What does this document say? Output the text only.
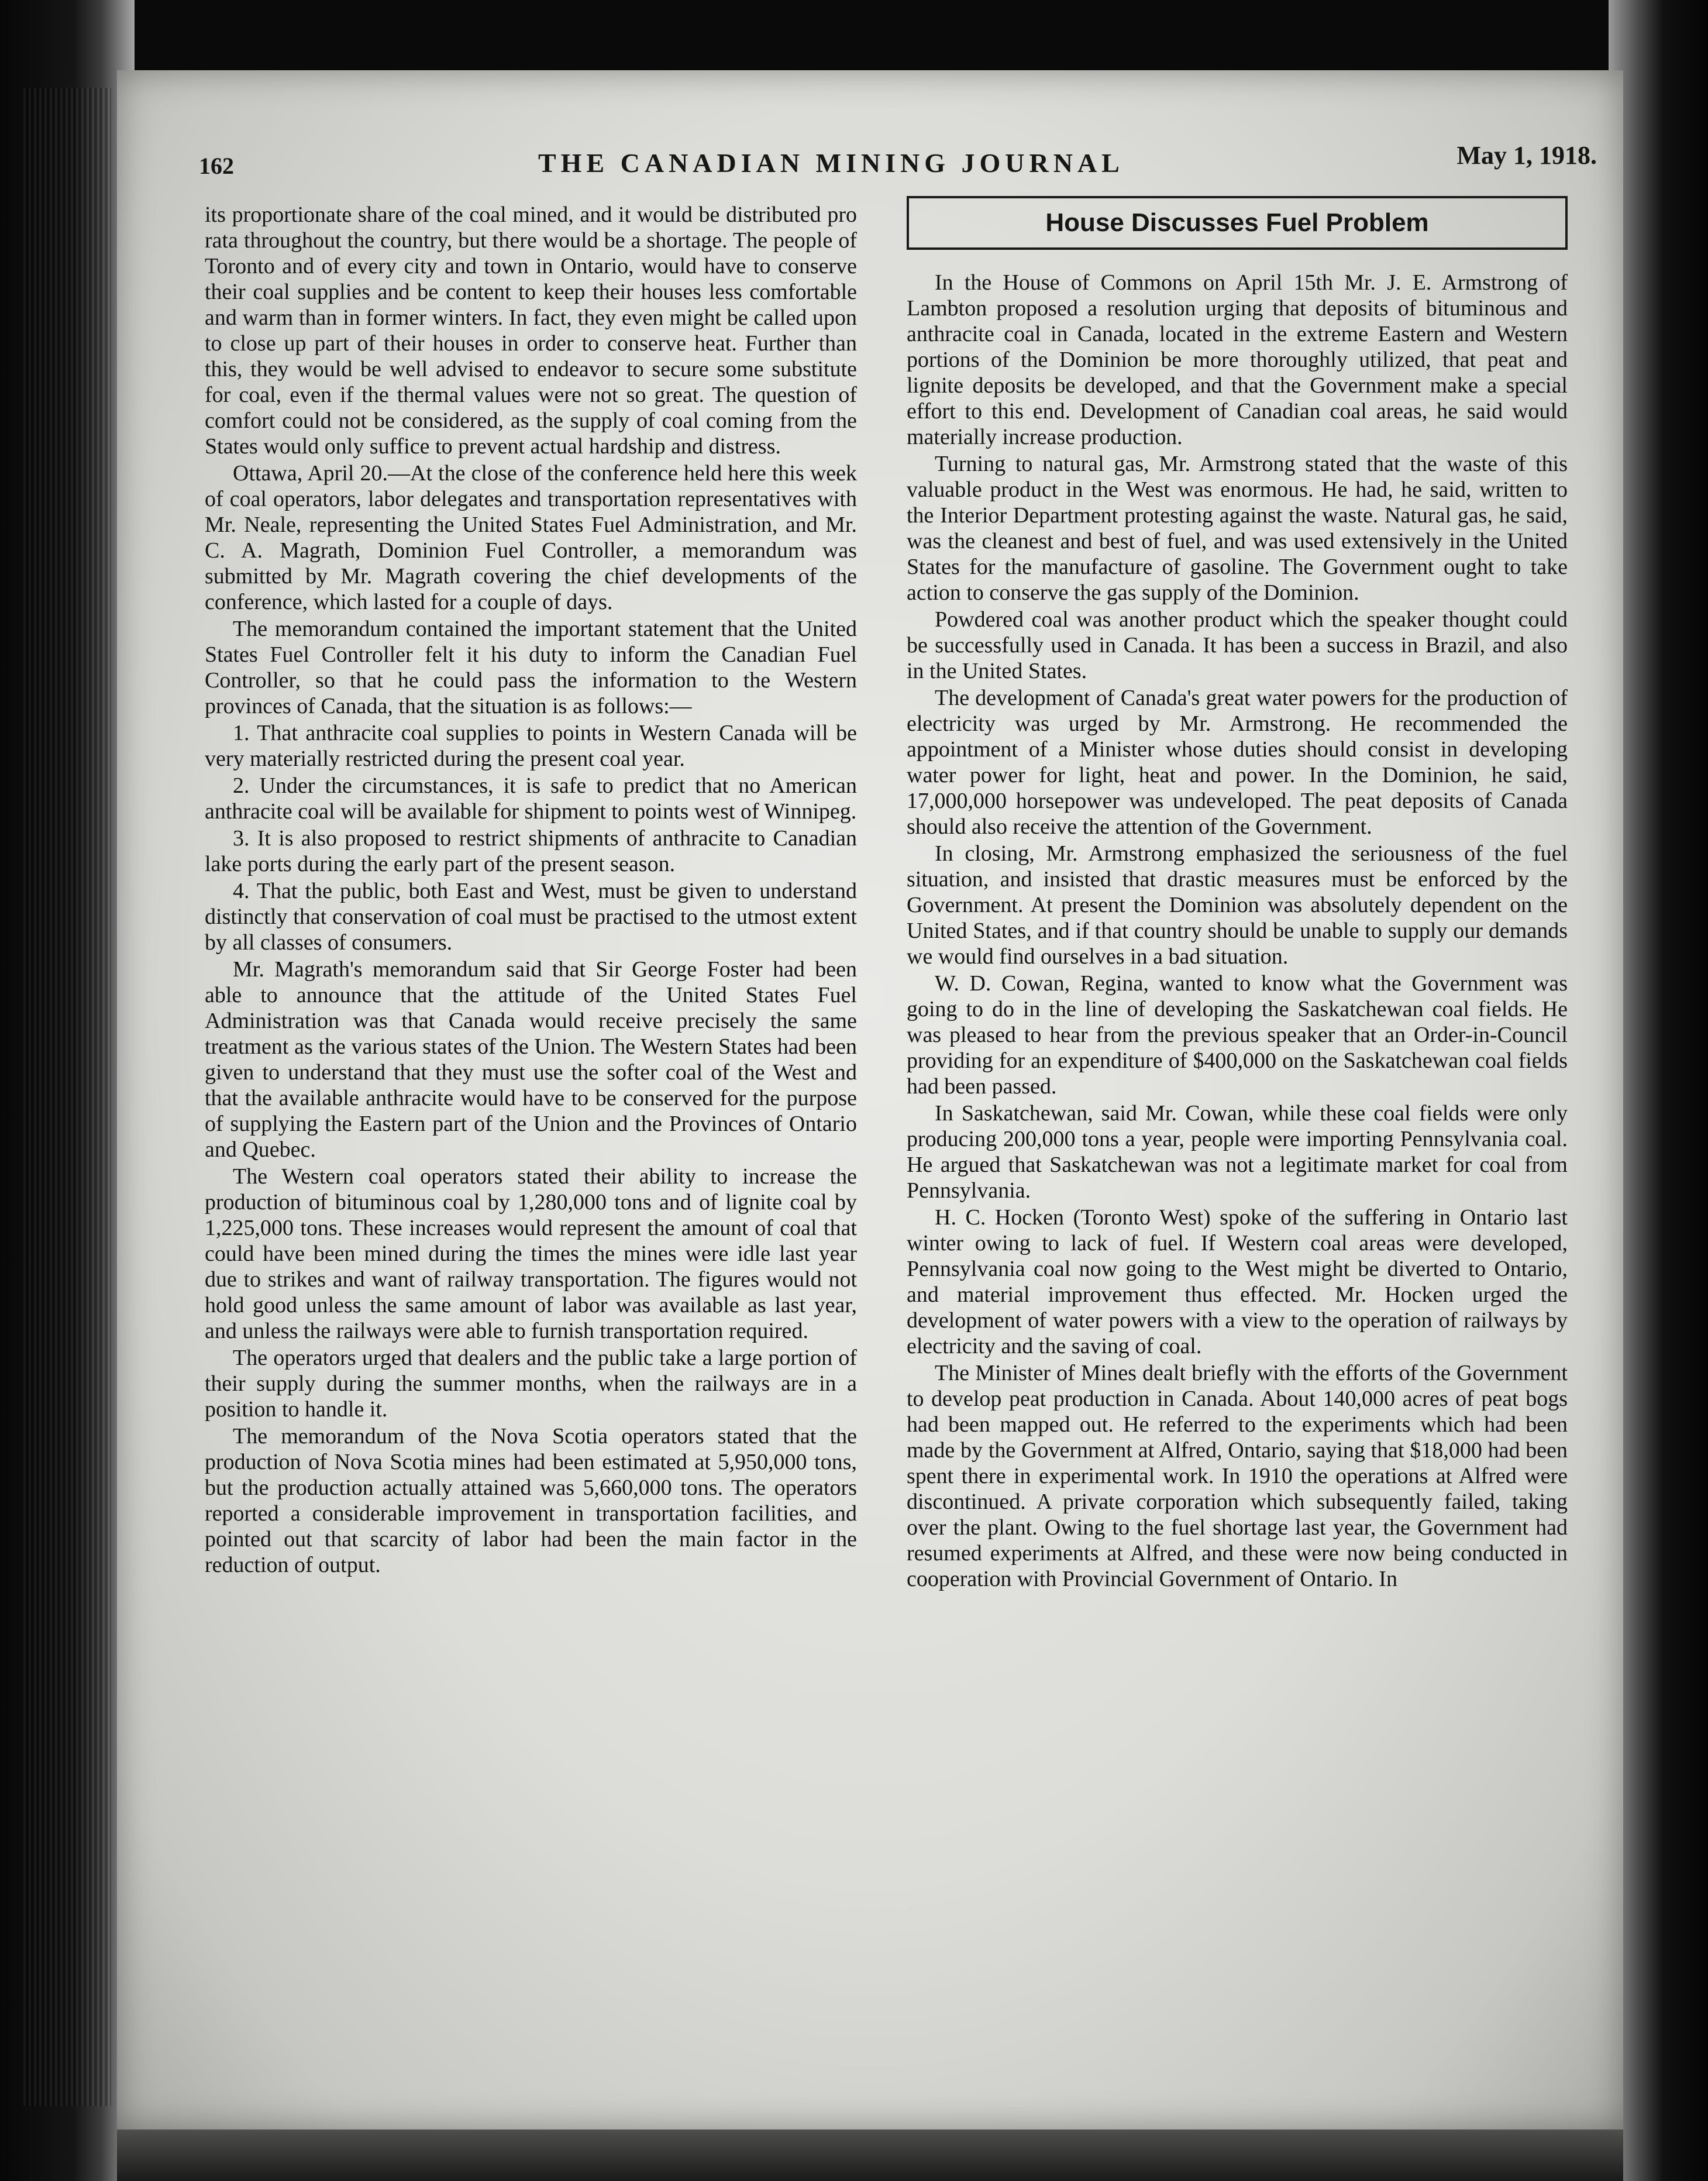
162	THE CANADIAN MINING JOURNAL	May 1, 1918.

its proportionate share of the coal mined, and it would be distributed pro rata throughout the country, but there would be a shortage. The people of Toronto and of every city and town in Ontario, would have to conserve their coal supplies and be content to keep their houses less comfortable and warm than in former winters. In fact, they even might be called upon to close up part of their houses in order to conserve heat. Further than this, they would be well advised to endeavor to secure some substitute for coal, even if the thermal values were not so great. The question of comfort could not be considered, as the supply of coal coming from the States would only suffice to prevent actual hardship and distress.

Ottawa, April 20.—At the close of the conference held here this week of coal operators, labor delegates and transportation representatives with Mr. Neale, representing the United States Fuel Administration, and Mr. C. A. Magrath, Dominion Fuel Controller, a memorandum was submitted by Mr. Magrath covering the chief developments of the conference, which lasted for a couple of days.

The memorandum contained the important statement that the United States Fuel Controller felt it his duty to inform the Canadian Fuel Controller, so that he could pass the information to the Western provinces of Canada, that the situation is as follows:—

1. That anthracite coal supplies to points in Western Canada will be very materially restricted during the present coal year.

2. Under the circumstances, it is safe to predict that no American anthracite coal will be available for shipment to points west of Winnipeg.

3. It is also proposed to restrict shipments of anthracite to Canadian lake ports during the early part of the present season.

4. That the public, both East and West, must be given to understand distinctly that conservation of coal must be practised to the utmost extent by all classes of consumers.

Mr. Magrath's memorandum said that Sir George Foster had been able to announce that the attitude of the United States Fuel Administration was that Canada would receive precisely the same treatment as the various states of the Union. The Western States had been given to understand that they must use the softer coal of the West and that the available anthracite would have to be conserved for the purpose of supplying the Eastern part of the Union and the Provinces of Ontario and Quebec.

The Western coal operators stated their ability to increase the production of bituminous coal by 1,280,000 tons and of lignite coal by 1,225,000 tons. These increases would represent the amount of coal that could have been mined during the times the mines were idle last year due to strikes and want of railway transportation. The figures would not hold good unless the same amount of labor was available as last year, and unless the railways were able to furnish transportation required.

The operators urged that dealers and the public take a large portion of their supply during the summer months, when the railways are in a position to handle it.

The memorandum of the Nova Scotia operators stated that the production of Nova Scotia mines had been estimated at 5,950,000 tons, but the production actually attained was 5,660,000 tons. The operators reported a considerable improvement in transportation facilities, and pointed out that scarcity of labor had been the main factor in the reduction of output.

House Discusses Fuel Problem

In the House of Commons on April 15th Mr. J. E. Armstrong of Lambton proposed a resolution urging that deposits of bituminous and anthracite coal in Canada, located in the extreme Eastern and Western portions of the Dominion be more thoroughly utilized, that peat and lignite deposits be developed, and that the Government make a special effort to this end. Development of Canadian coal areas, he said would materially increase production.

Turning to natural gas, Mr. Armstrong stated that the waste of this valuable product in the West was enormous. He had, he said, written to the Interior Department protesting against the waste. Natural gas, he said, was the cleanest and best of fuel, and was used extensively in the United States for the manufacture of gasoline. The Government ought to take action to conserve the gas supply of the Dominion.

Powdered coal was another product which the speaker thought could be successfully used in Canada. It has been a success in Brazil, and also in the United States.

The development of Canada's great water powers for the production of electricity was urged by Mr. Armstrong. He recommended the appointment of a Minister whose duties should consist in developing water power for light, heat and power. In the Dominion, he said, 17,000,000 horsepower was undeveloped. The peat deposits of Canada should also receive the attention of the Government.

In closing, Mr. Armstrong emphasized the seriousness of the fuel situation, and insisted that drastic measures must be enforced by the Government. At present the Dominion was absolutely dependent on the United States, and if that country should be unable to supply our demands we would find ourselves in a bad situation.

W. D. Cowan, Regina, wanted to know what the Government was going to do in the line of developing the Saskatchewan coal fields. He was pleased to hear from the previous speaker that an Order-in-Council providing for an expenditure of $400,000 on the Saskatchewan coal fields had been passed.

In Saskatchewan, said Mr. Cowan, while these coal fields were only producing 200,000 tons a year, people were importing Pennsylvania coal. He argued that Saskatchewan was not a legitimate market for coal from Pennsylvania.

H. C. Hocken (Toronto West) spoke of the suffering in Ontario last winter owing to lack of fuel. If Western coal areas were developed, Pennsylvania coal now going to the West might be diverted to Ontario, and material improvement thus effected. Mr. Hocken urged the development of water powers with a view to the operation of railways by electricity and the saving of coal.

The Minister of Mines dealt briefly with the efforts of the Government to develop peat production in Canada. About 140,000 acres of peat bogs had been mapped out. He referred to the experiments which had been made by the Government at Alfred, Ontario, saying that $18,000 had been spent there in experimental work. In 1910 the operations at Alfred were discontinued. A private corporation which subsequently failed, taking over the plant. Owing to the fuel shortage last year, the Government had resumed experiments at Alfred, and these were now being conducted in cooperation with Provincial Government of Ontario. In
